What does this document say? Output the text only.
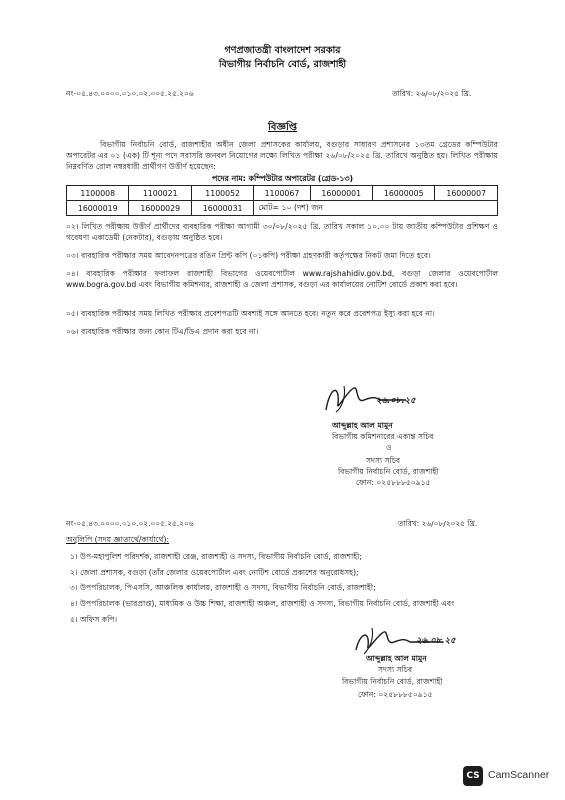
গণপ্রজাতন্ত্রী বাংলাদেশ সরকার
বিভাগীয় নির্বাচনি বোর্ড, রাজশাহী
নং-০৫.৪৩.০০০০.০১০.০২.০০৫.২৫.২০৬	তারিখ: ২৬/০৮/২০২৫ খ্রি.
বিজ্ঞপ্তি
বিভাগীয় নির্বাচনি বোর্ড, রাজশাহীর অধীন জেলা প্রশাসকের কার্যালয়, বগুড়ার সাধারণ প্রশাসনের ১৩তম গ্রেডের কম্পিউটার অপারেটর এর ০১ (এক) টি শূন্য পদে সরাসরি জনবল নিয়োগের লক্ষ্যে লিখিত পরীক্ষা ২৬/০৮/২০২৫ খ্রি. তারিখে অনুষ্ঠিত হয়। লিখিত পরীক্ষায় নিম্নবর্ণিত রোল নম্বরধারী প্রার্থীগণ উত্তীর্ণ হয়েছেন:
পদের নাম: কম্পিউটার অপারেটর (গ্রেড-১৩)
1100008	1100021	1100052	1100067	16000001	16000005	16000007
16000019	16000029	16000031	মোট= ১০ (দশ) জন			
০২। লিখিত পরীক্ষায় উত্তীর্ণ প্রার্থীদের ব্যবহারিক পরীক্ষা আগামী ৩০/০৮/২০২৫ খ্রি. তারিখ সকাল ১০.০০ টায় জাতীয় কম্পিউটার প্রশিক্ষণ ও গবেষণা একাডেমী (নেকটার), বগুড়ায় অনুষ্ঠিত হবে।
০৩। ব্যবহারিক পরীক্ষার সময় আবেদনপত্রের রঙিন প্রিন্ট কপি (০১কপি) পরীক্ষা গ্রহণকারী কর্তৃপক্ষের নিকট জমা দিতে হবে।
০৪। ব্যবহারিক পরীক্ষার ফলাফল রাজশাহী বিভাগের ওয়েবপোর্টাল www.rajshahidiv.gov.bd, বগুড়া জেলার ওয়েবপোর্টাল www.bogra.gov.bd এবং বিভাগীয় কমিশনার, রাজশাহী ও জেলা প্রশাসক, বগুড়া এর কার্যালয়ের নোটিশ বোর্ডে প্রকাশ করা হবে।
০৫। ব্যবহারিক পরীক্ষার সময় লিখিত পরীক্ষার প্রবেশপত্রটি অবশ্যই সঙ্গে আনতে হবে। নতুন করে প্রবেশপত্র ইস্যু করা হবে না।
০৬। ব্যবহারিক পরীক্ষার জন্য কোন টিএ/ডিএ প্রদান করা হবে না।
২৬.০৮.২৫
আব্দুল্লাহ আল মামুন
বিভাগীয় কমিশনারের একান্ত সচিব
ও
সদস্য সচিব
বিভাগীয় নির্বাচনি বোর্ড, রাজশাহী
ফোন: ০২৫৮৮৮৫০৯১৫
নং-০৫.৪৩.০০০০.০১০.০২.০০৫.২৫.২০৬	তারিখ: ২৬/০৮/২০২৫ খ্রি.
অনুলিপি (সদয় জ্ঞাতার্থে/কার্যার্থে):
১। উপ-মহাপুলিশ পরিদর্শক, রাজশাহী রেঞ্জ, রাজশাহী ও সদস্য, বিভাগীয় নির্বাচনি বোর্ড, রাজশাহী;
২। জেলা প্রশাসক, বগুড়া (তাঁর জেলার ওয়েবপোর্টাল এবং নোটিশ বোর্ডে প্রকাশের অনুরোধসহ);
৩। উপপরিচালক, পিএসসি, আঞ্চলিক কার্যালয়, রাজশাহী ও সদস্য, বিভাগীয় নির্বাচনি বোর্ড, রাজশাহী;
৪। উপপরিচালক (ভারপ্রাপ্ত), মাধ্যমিক ও উচ্চ শিক্ষা, রাজশাহী অঞ্চল, রাজশাহী ও সদস্য, বিভাগীয় নির্বাচনি বোর্ড, রাজশাহী এবং
৫। অফিস কপি।
২৬.০৮.২৫
আব্দুল্লাহ আল মামুন
সদস্য সচিব
বিভাগীয় নির্বাচনি বোর্ড, রাজশাহী
ফোন: ০২৫৮৮৮৫০৯১৫
CS CamScanner
